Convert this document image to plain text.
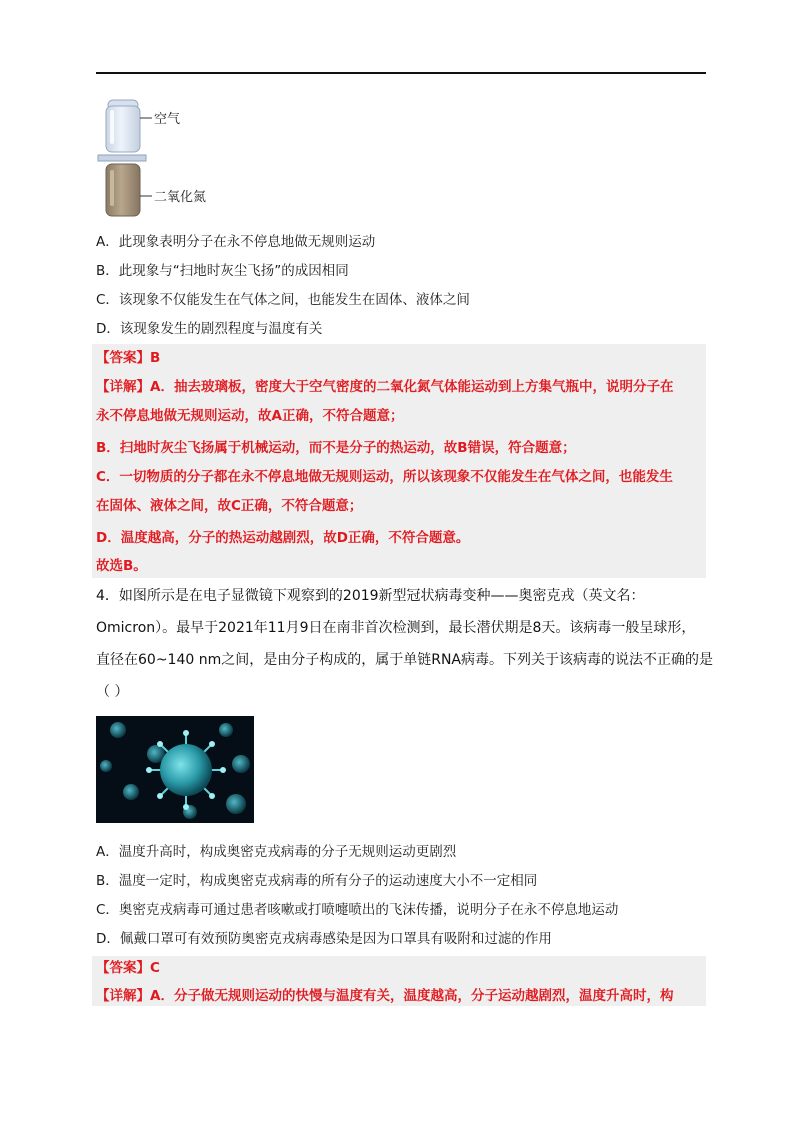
空气
二氧化氮
A．此现象表明分子在永不停息地做无规则运动
B．此现象与“扫地时灰尘飞扬”的成因相同
C．该现象不仅能发生在气体之间，也能发生在固体、液体之间
D．该现象发生的剧烈程度与温度有关
【答案】B
【详解】A．抽去玻璃板，密度大于空气密度的二氧化氮气体能运动到上方集气瓶中，说明分子在
永不停息地做无规则运动，故A正确，不符合题意；
B．扫地时灰尘飞扬属于机械运动，而不是分子的热运动，故B错误，符合题意；
C．一切物质的分子都在永不停息地做无规则运动，所以该现象不仅能发生在气体之间，也能发生
在固体、液体之间，故C正确，不符合题意；
D．温度越高，分子的热运动越剧烈，故D正确，不符合题意。
故选B。
4．如图所示是在电子显微镜下观察到的2019新型冠状病毒变种——奥密克戎（英文名：
Omicron）。最早于2021年11月9日在南非首次检测到，最长潜伏期是8天。该病毒一般呈球形，
直径在60~140 nm之间，是由分子构成的，属于单链RNA病毒。下列关于该病毒的说法不正确的是
（ ）
A．温度升高时，构成奥密克戎病毒的分子无规则运动更剧烈
B．温度一定时，构成奥密克戎病毒的所有分子的运动速度大小不一定相同
C．奥密克戎病毒可通过患者咳嗽或打喷嚏喷出的飞沫传播，说明分子在永不停息地运动
D．佩戴口罩可有效预防奥密克戎病毒感染是因为口罩具有吸附和过滤的作用
【答案】C
【详解】A．分子做无规则运动的快慢与温度有关，温度越高，分子运动越剧烈，温度升高时，构
